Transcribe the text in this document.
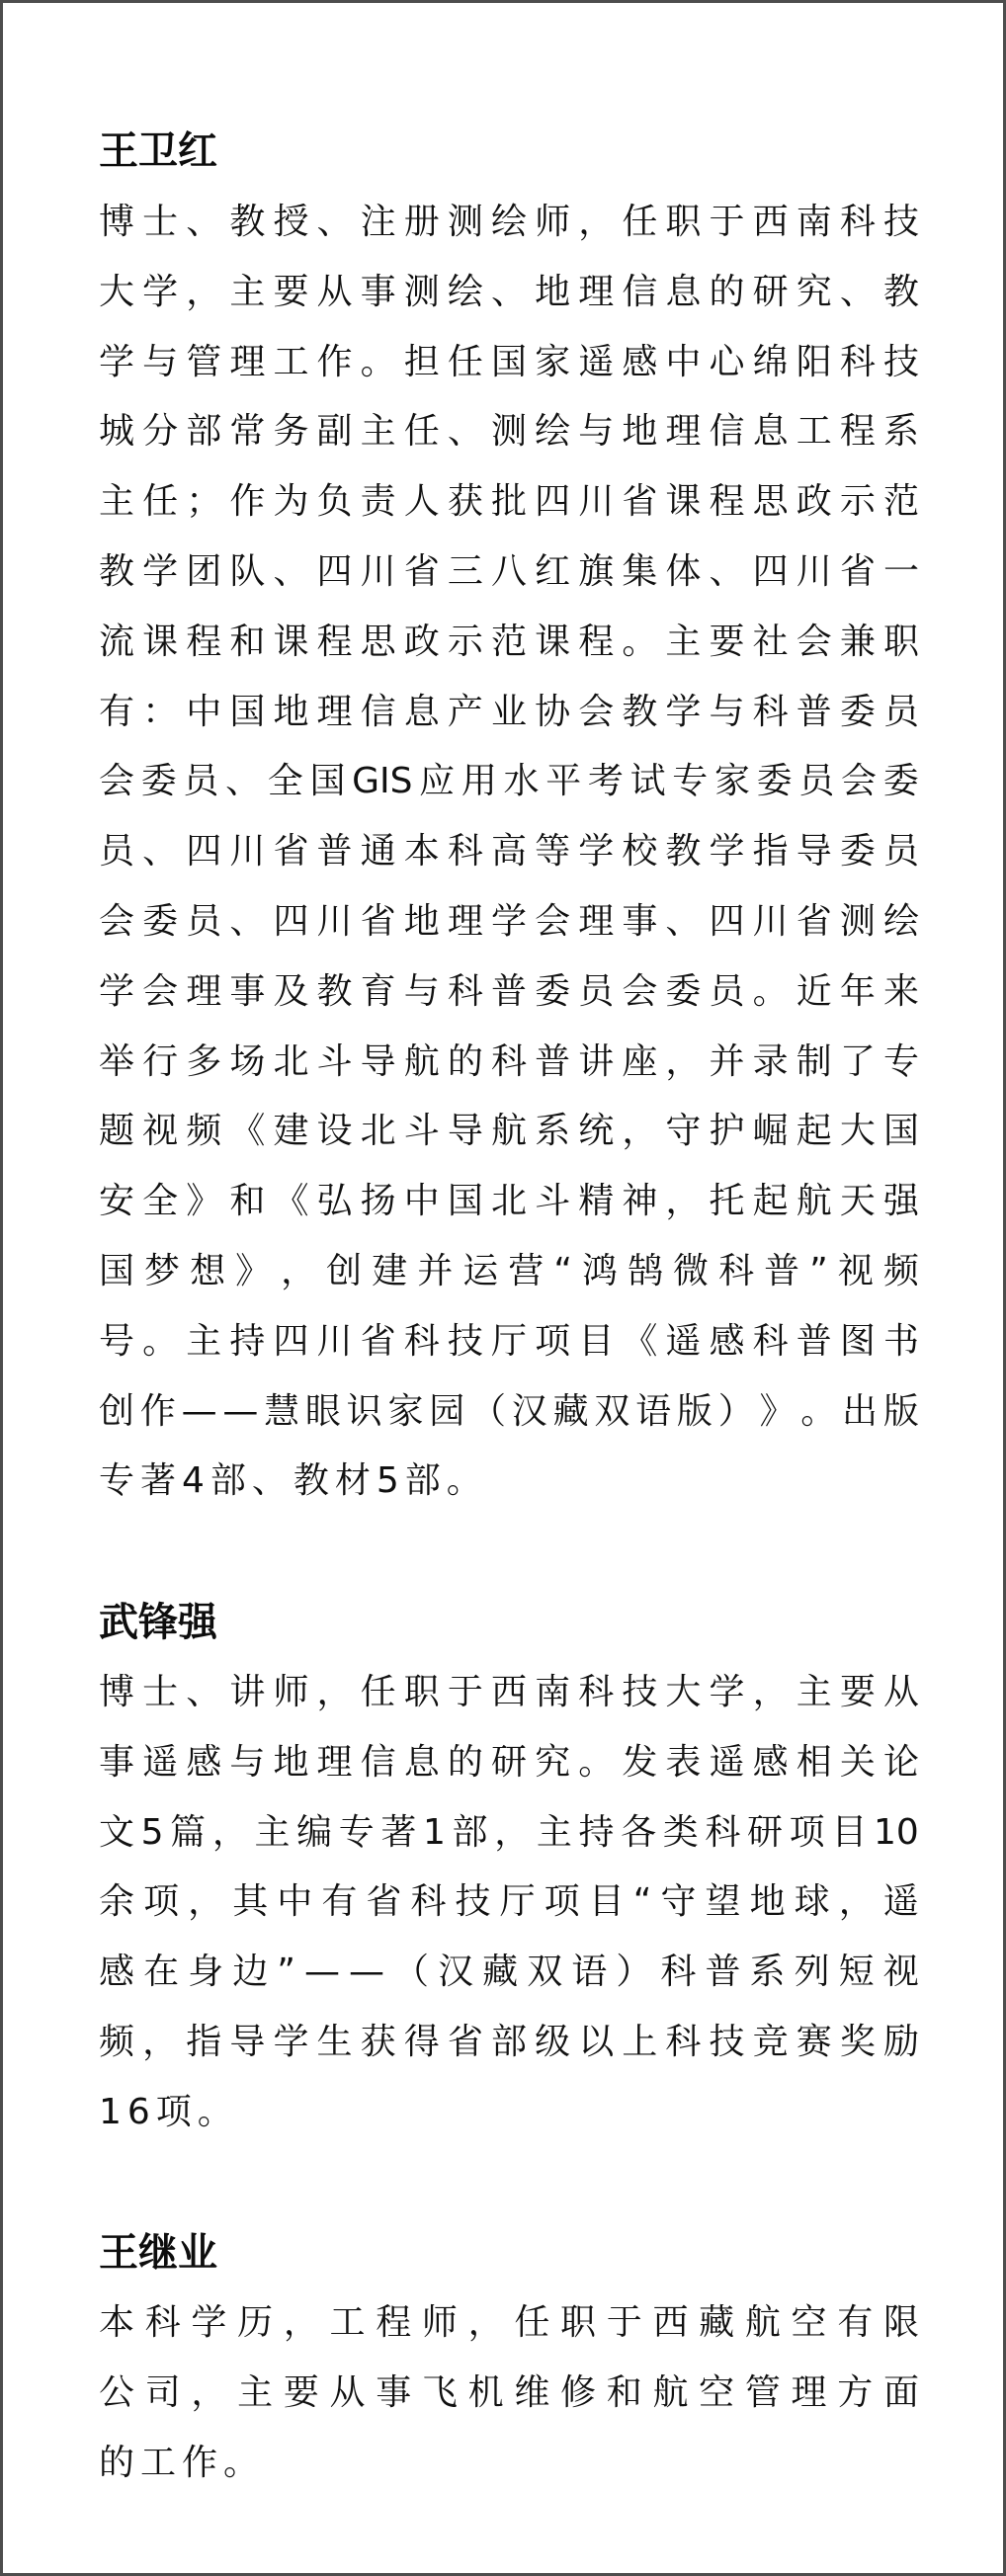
王卫红
博 士 、 教 授 、 注 册 测 绘 师 ， 任 职 于 西 南 科 技
大 学 ， 主 要 从 事 测 绘 、 地 理 信 息 的 研 究 、 教
学 与 管 理 工 作 。 担 任 国 家 遥 感 中 心 绵 阳 科 技
城 分 部 常 务 副 主 任 、 测 绘 与 地 理 信 息 工 程 系
主 任 ； 作 为 负 责 人 获 批 四 川 省 课 程 思 政 示 范
教 学 团 队 、 四 川 省 三 八 红 旗 集 体 、 四 川 省 一
流 课 程 和 课 程 思 政 示 范 课 程 。 主 要 社 会 兼 职
有 ： 中 国 地 理 信 息 产 业 协 会 教 学 与 科 普 委 员
会 委 员 、 全 国 GIS 应 用 水 平 考 试 专 家 委 员 会 委
员 、 四 川 省 普 通 本 科 高 等 学 校 教 学 指 导 委 员
会 委 员 、 四 川 省 地 理 学 会 理 事 、 四 川 省 测 绘
学 会 理 事 及 教 育 与 科 普 委 员 会 委 员 。 近 年 来
举 行 多 场 北 斗 导 航 的 科 普 讲 座 ， 并 录 制 了 专
题 视 频 《 建 设 北 斗 导 航 系 统 ， 守 护 崛 起 大 国
安 全 》 和 《 弘 扬 中 国 北 斗 精 神 ， 托 起 航 天 强
国 梦 想 》 ， 创 建 并 运 营 “ 鸿 鹄 微 科 普 ” 视 频
号 。 主 持 四 川 省 科 技 厅 项 目 《 遥 感 科 普 图 书
创 作 — — 慧 眼 识 家 园 （ 汉 藏 双 语 版 ） 》 。 出 版
专著4部、教材5部。
武锋强
博 士 、 讲 师 ， 任 职 于 西 南 科 技 大 学 ， 主 要 从
事 遥 感 与 地 理 信 息 的 研 究 。 发 表 遥 感 相 关 论
文 5 篇 ， 主 编 专 著 1 部 ， 主 持 各 类 科 研 项 目 10
余 项 ， 其 中 有 省 科 技 厅 项 目 “ 守 望 地 球 ， 遥
感 在 身 边 ” — — （ 汉 藏 双 语 ） 科 普 系 列 短 视
频 ， 指 导 学 生 获 得 省 部 级 以 上 科 技 竞 赛 奖 励
16项。
王继业
本 科 学 历 ， 工 程 师 ， 任 职 于 西 藏 航 空 有 限
公 司 ， 主 要 从 事 飞 机 维 修 和 航 空 管 理 方 面
的工作。
